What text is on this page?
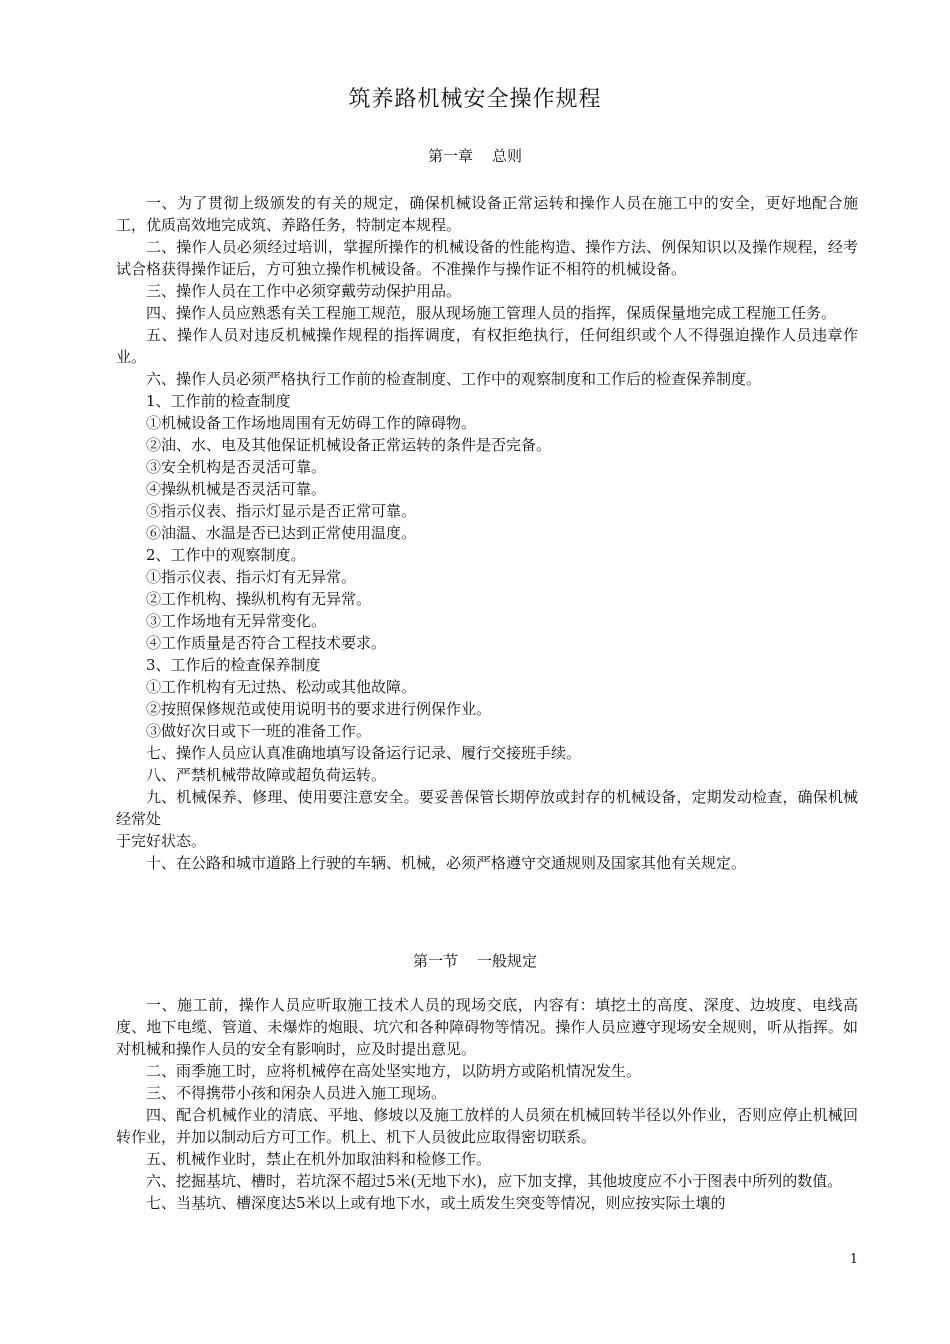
筑养路机械安全操作规程
第一章    总则

一、为了贯彻上级颁发的有关的规定，确保机械设备正常运转和操作人员在施工中的安全，更好地配合施工，优质高效地完成筑、养路任务，特制定本规程。

二、操作人员必须经过培训，掌握所操作的机械设备的性能构造、操作方法、例保知识以及操作规程，经考试合格获得操作证后，方可独立操作机械设备。不准操作与操作证不相符的机械设备。

三、操作人员在工作中必须穿戴劳动保护用品。

四、操作人员应熟悉有关工程施工规范，服从现场施工管理人员的指挥，保质保量地完成工程施工任务。

五、操作人员对违反机械操作规程的指挥调度，有权拒绝执行，任何组织或个人不得强迫操作人员违章作业。

六、操作人员必须严格执行工作前的检查制度、工作中的观察制度和工作后的检查保养制度。

1、工作前的检查制度

①机械设备工作场地周围有无妨碍工作的障碍物。

②油、水、电及其他保证机械设备正常运转的条件是否完备。

③安全机构是否灵活可靠。

④操纵机械是否灵活可靠。

⑤指示仪表、指示灯显示是否正常可靠。

⑥油温、水温是否已达到正常使用温度。

2、工作中的观察制度。

①指示仪表、指示灯有无异常。

②工作机构、操纵机构有无异常。

③工作场地有无异常变化。

④工作质量是否符合工程技术要求。

3、工作后的检查保养制度

①工作机构有无过热、松动或其他故障。

②按照保修规范或使用说明书的要求进行例保作业。

③做好次日或下一班的准备工作。

七、操作人员应认真准确地填写设备运行记录、履行交接班手续。

八、严禁机械带故障或超负荷运转。

九、机械保养、修理、使用要注意安全。要妥善保管长期停放或封存的机械设备，定期发动检查，确保机械经常处

于完好状态。

十、在公路和城市道路上行驶的车辆、机械，必须严格遵守交通规则及国家其他有关规定。

第一节    一般规定

一、施工前，操作人员应听取施工技术人员的现场交底，内容有：填挖土的高度、深度、边坡度、电线高度、地下电缆、管道、未爆炸的炮眼、坑穴和各种障碍物等情况。操作人员应遵守现场安全规则，听从指挥。如对机械和操作人员的安全有影响时，应及时提出意见。

二、雨季施工时，应将机械停在高处坚实地方，以防坍方或陷机情况发生。

三、不得携带小孩和闲杂人员进入施工现场。

四、配合机械作业的清底、平地、修坡以及施工放样的人员须在机械回转半径以外作业，否则应停止机械回转作业，并加以制动后方可工作。机上、机下人员彼此应取得密切联系。

五、机械作业时，禁止在机外加取油料和检修工作。

六、挖掘基坑、槽时，若坑深不超过5米(无地下水)，应下加支撑，其他坡度应不小于图表中所列的数值。

七、当基坑、槽深度达5米以上或有地下水，或土质发生突变等情况，则应按实际土壤的

1
